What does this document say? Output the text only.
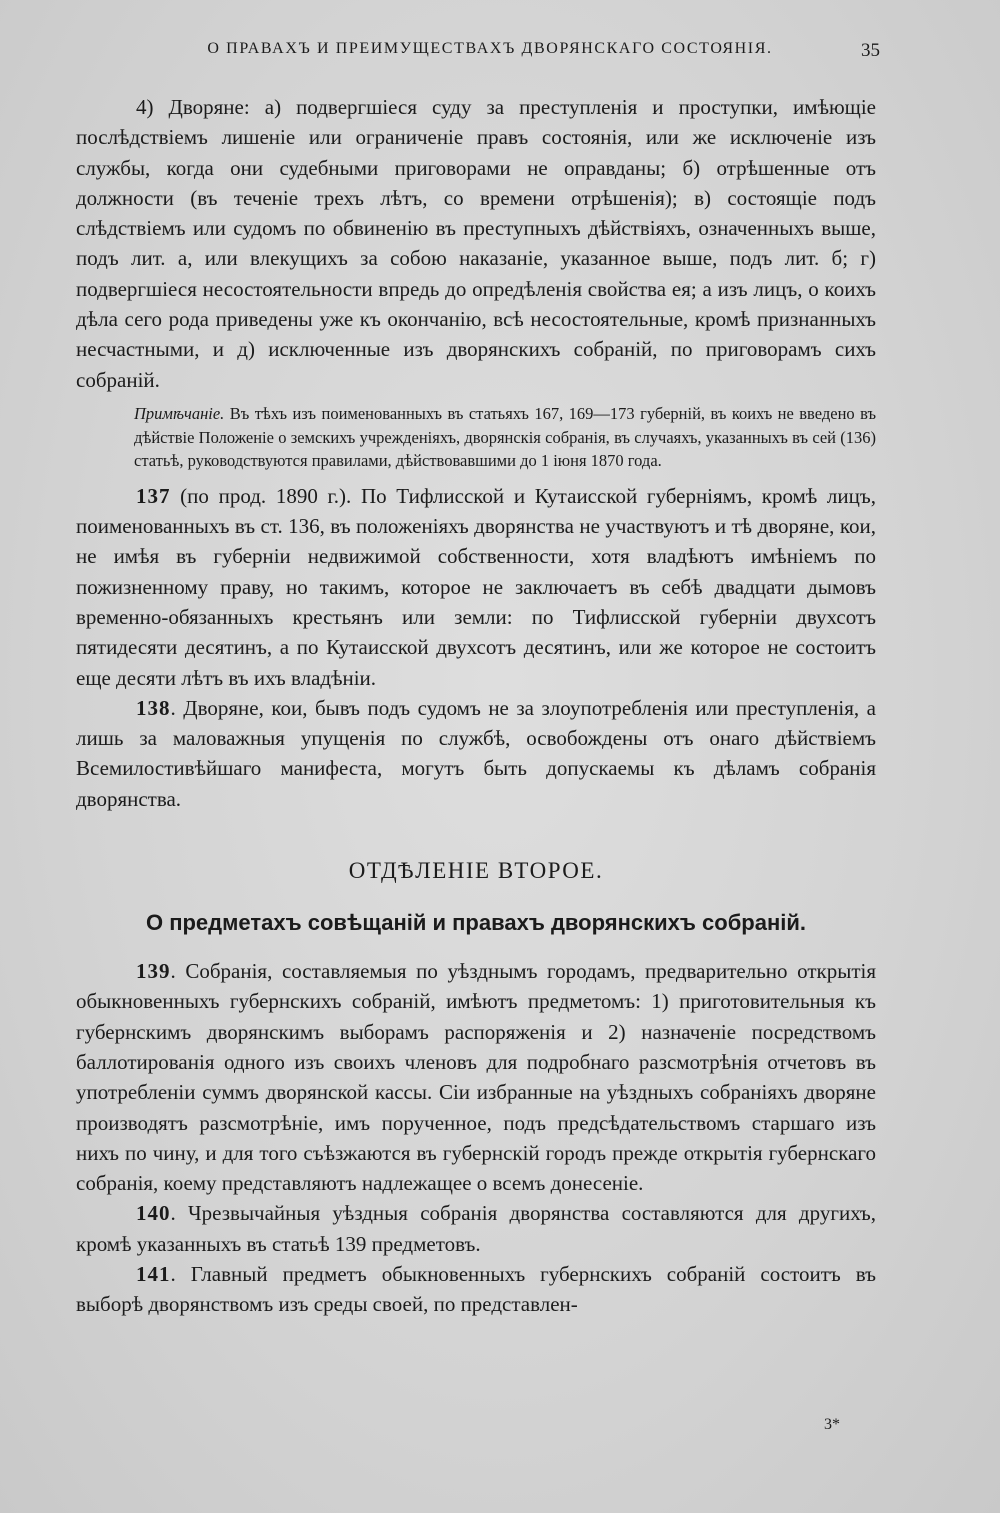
О ПРАВАХЪ И ПРЕИМУЩЕСТВАХЪ ДВОРЯНСКАГО СОСТОЯНІЯ.	35

4) Дворяне: а) подвергшіеся суду за преступленія и проступки, имѣющіе послѣдствіемъ лишеніе или ограниченіе правъ состоянія, или же исключеніе изъ службы, когда они судебными приговорами не оправданы; б) отрѣшенные отъ должности (въ теченіе трехъ лѣтъ, со времени отрѣшенія); в) состоящіе подъ слѣдствіемъ или судомъ по обвиненію въ преступныхъ дѣйствіяхъ, означенныхъ выше, подъ лит. а, или влекущихъ за собою наказаніе, указанное выше, подъ лит. б; г) подвергшіеся несостоятельности впредь до опредѣленія свойства ея; а изъ лицъ, о коихъ дѣла сего рода приведены уже къ окончанію, всѣ несостоятельные, кромѣ признанныхъ несчастными, и д) исключенные изъ дворянскихъ собраній, по приговорамъ сихъ собраній.

Примѣчаніе. Въ тѣхъ изъ поименованныхъ въ статьяхъ 167, 169—173 губерній, въ коихъ не введено въ дѣйствіе Положеніе о земскихъ учрежденіяхъ, дворянскія собранія, въ случаяхъ, указанныхъ въ сей (136) статьѣ, руководствуются правилами, дѣйствовавшими до 1 іюня 1870 года.

137 (по прод. 1890 г.). По Тифлисской и Кутаисской губерніямъ, кромѣ лицъ, поименованныхъ въ ст. 136, въ положеніяхъ дворянства не участвуютъ и тѣ дворяне, кои, не имѣя въ губерніи недвижимой собственности, хотя владѣютъ имѣніемъ по пожизненному праву, но такимъ, которое не заключаетъ въ себѣ двадцати дымовъ временно-обязанныхъ крестьянъ или земли: по Тифлисской губерніи двухсотъ пятидесяти десятинъ, а по Кутаисской двухсотъ десятинъ, или же которое не состоитъ еще десяти лѣтъ въ ихъ владѣніи.

138. Дворяне, кои, бывъ подъ судомъ не за злоупотребленія или преступленія, а лишь за маловажныя упущенія по службѣ, освобождены отъ онаго дѣйствіемъ Всемилостивѣйшаго манифеста, могутъ быть допускаемы къ дѣламъ собранія дворянства.

ОТДѢЛЕНІЕ ВТОРОЕ.
О предметахъ совѣщаній и правахъ дворянскихъ собраній.

139. Собранія, составляемыя по уѣзднымъ городамъ, предварительно открытія обыкновенныхъ губернскихъ собраній, имѣютъ предметомъ: 1) приготовительныя къ губернскимъ дворянскимъ выборамъ распоряженія и 2) назначеніе посредствомъ баллотированія одного изъ своихъ членовъ для подробнаго разсмотрѣнія отчетовъ въ употребленіи суммъ дворянской кассы. Сіи избранные на уѣздныхъ собраніяхъ дворяне производятъ разсмотрѣніе, имъ порученное, подъ предсѣдательствомъ старшаго изъ нихъ по чину, и для того съѣзжаются въ губернскій городъ прежде открытія губернскаго собранія, коему представляютъ надлежащее о всемъ донесеніе.

140. Чрезвычайныя уѣздныя собранія дворянства составляются для другихъ, кромѣ указанныхъ въ статьѣ 139 предметовъ.

141. Главный предметъ обыкновенныхъ губернскихъ собраній состоитъ въ выборѣ дворянствомъ изъ среды своей, по представлен-

3*
